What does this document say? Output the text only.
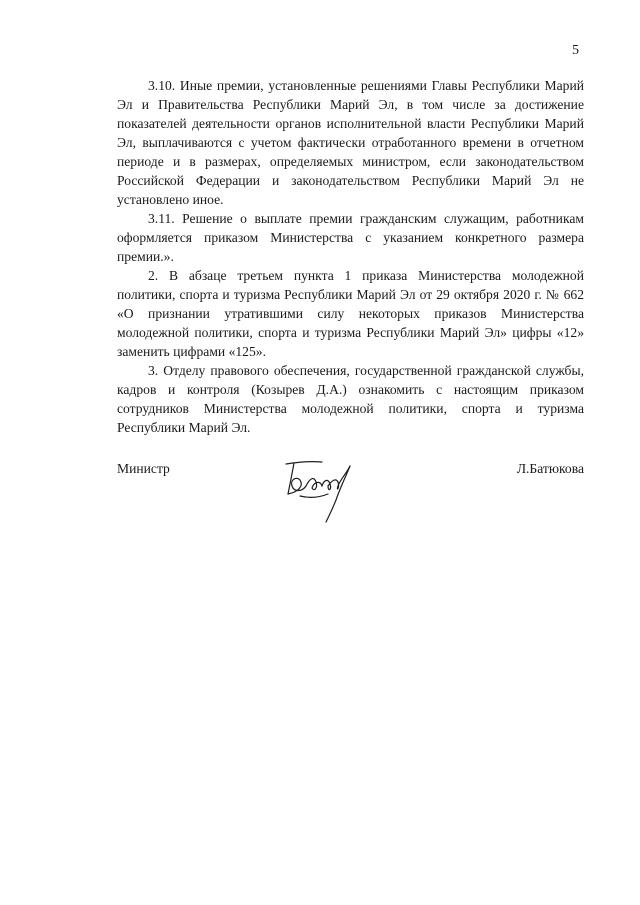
5

3.10. Иные премии, установленные решениями Главы Республики Марий Эл и Правительства Республики Марий Эл, в том числе за достижение показателей деятельности органов исполнительной власти Республики Марий Эл, выплачиваются с учетом фактически отработанного времени в отчетном периоде и в размерах, определяемых министром, если законодательством Российской Федерации и законодательством Республики Марий Эл не установлено иное.

3.11. Решение о выплате премии гражданским служащим, работникам оформляется приказом Министерства с указанием конкретного размера премии.».

2. В абзаце третьем пункта 1 приказа Министерства молодежной политики, спорта и туризма Республики Марий Эл от 29 октября 2020 г. № 662 «О признании утратившими силу некоторых приказов Министерства молодежной политики, спорта и туризма Республики Марий Эл» цифры «12» заменить цифрами «125».

3. Отделу правового обеспечения, государственной гражданской службы, кадров и контроля (Козырев Д.А.) ознакомить с настоящим приказом сотрудников Министерства молодежной политики, спорта и туризма Республики Марий Эл.

Министр	Л.Батюкова
